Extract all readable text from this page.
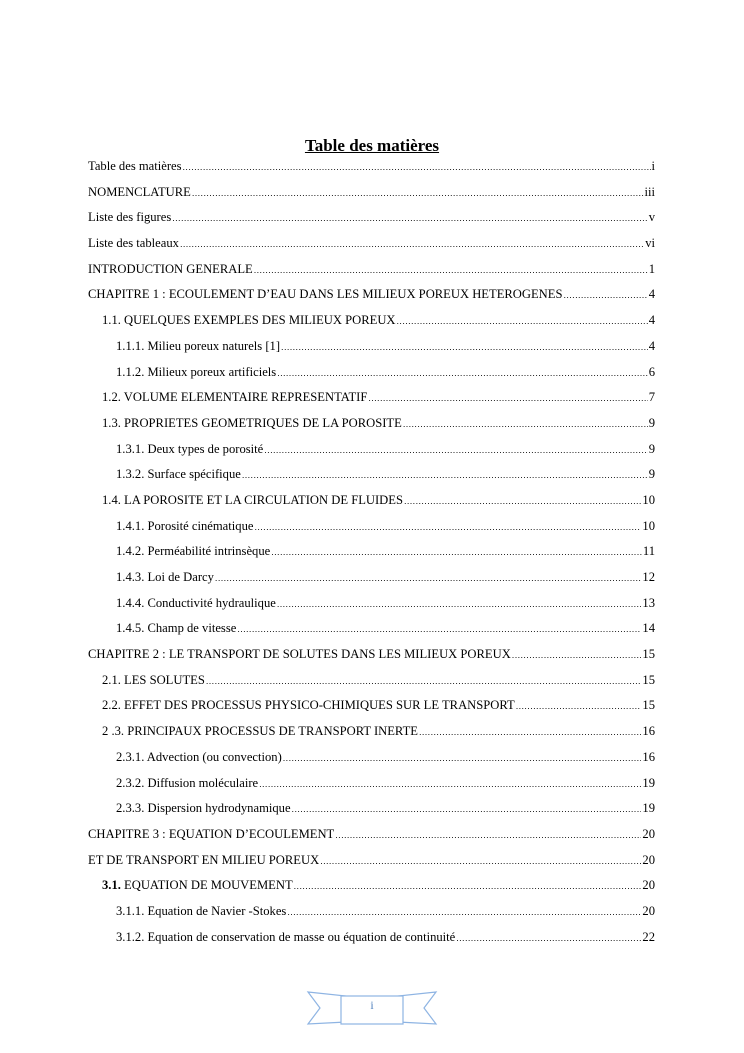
Table des matières
Table des matières .....	i
NOMENCLATURE .....	iii
Liste des figures .....	v
Liste des tableaux .....	vi
INTRODUCTION GENERALE .....	1
CHAPITRE 1 : ECOULEMENT D’EAU DANS LES MILIEUX POREUX HETEROGENES .....	4
1.1. QUELQUES EXEMPLES DES MILIEUX POREUX .....	4
1.1.1. Milieu poreux naturels [1] .....	4
1.1.2. Milieux poreux artificiels .....	6
1.2. VOLUME ELEMENTAIRE REPRESENTATIF .....	7
1.3. PROPRIETES GEOMETRIQUES DE LA POROSITE .....	9
1.3.1. Deux types de porosité .....	9
1.3.2. Surface spécifique .....	9
1.4. LA POROSITE ET LA CIRCULATION DE FLUIDES .....	10
1.4.1. Porosité cinématique .....	10
1.4.2. Perméabilité intrinsèque .....	11
1.4.3. Loi de Darcy .....	12
1.4.4. Conductivité hydraulique .....	13
1.4.5. Champ de vitesse .....	14
CHAPITRE 2 : LE TRANSPORT DE SOLUTES DANS LES MILIEUX POREUX .....	15
2.1. LES SOLUTES .....	15
2.2. EFFET DES PROCESSUS PHYSICO-CHIMIQUES SUR LE TRANSPORT .....	15
2 .3. PRINCIPAUX PROCESSUS DE TRANSPORT INERTE .....	16
2.3.1. Advection (ou convection) .....	16
2.3.2. Diffusion moléculaire .....	19
2.3.3. Dispersion hydrodynamique .....	19
CHAPITRE 3 : EQUATION D’ECOULEMENT .....	20
ET DE TRANSPORT EN MILIEU POREUX .....	20
3.1. EQUATION DE MOUVEMENT .....	20
3.1.1. Equation de Navier -Stokes .....	20
3.1.2. Equation de conservation de masse ou équation de continuité .....	22
i
